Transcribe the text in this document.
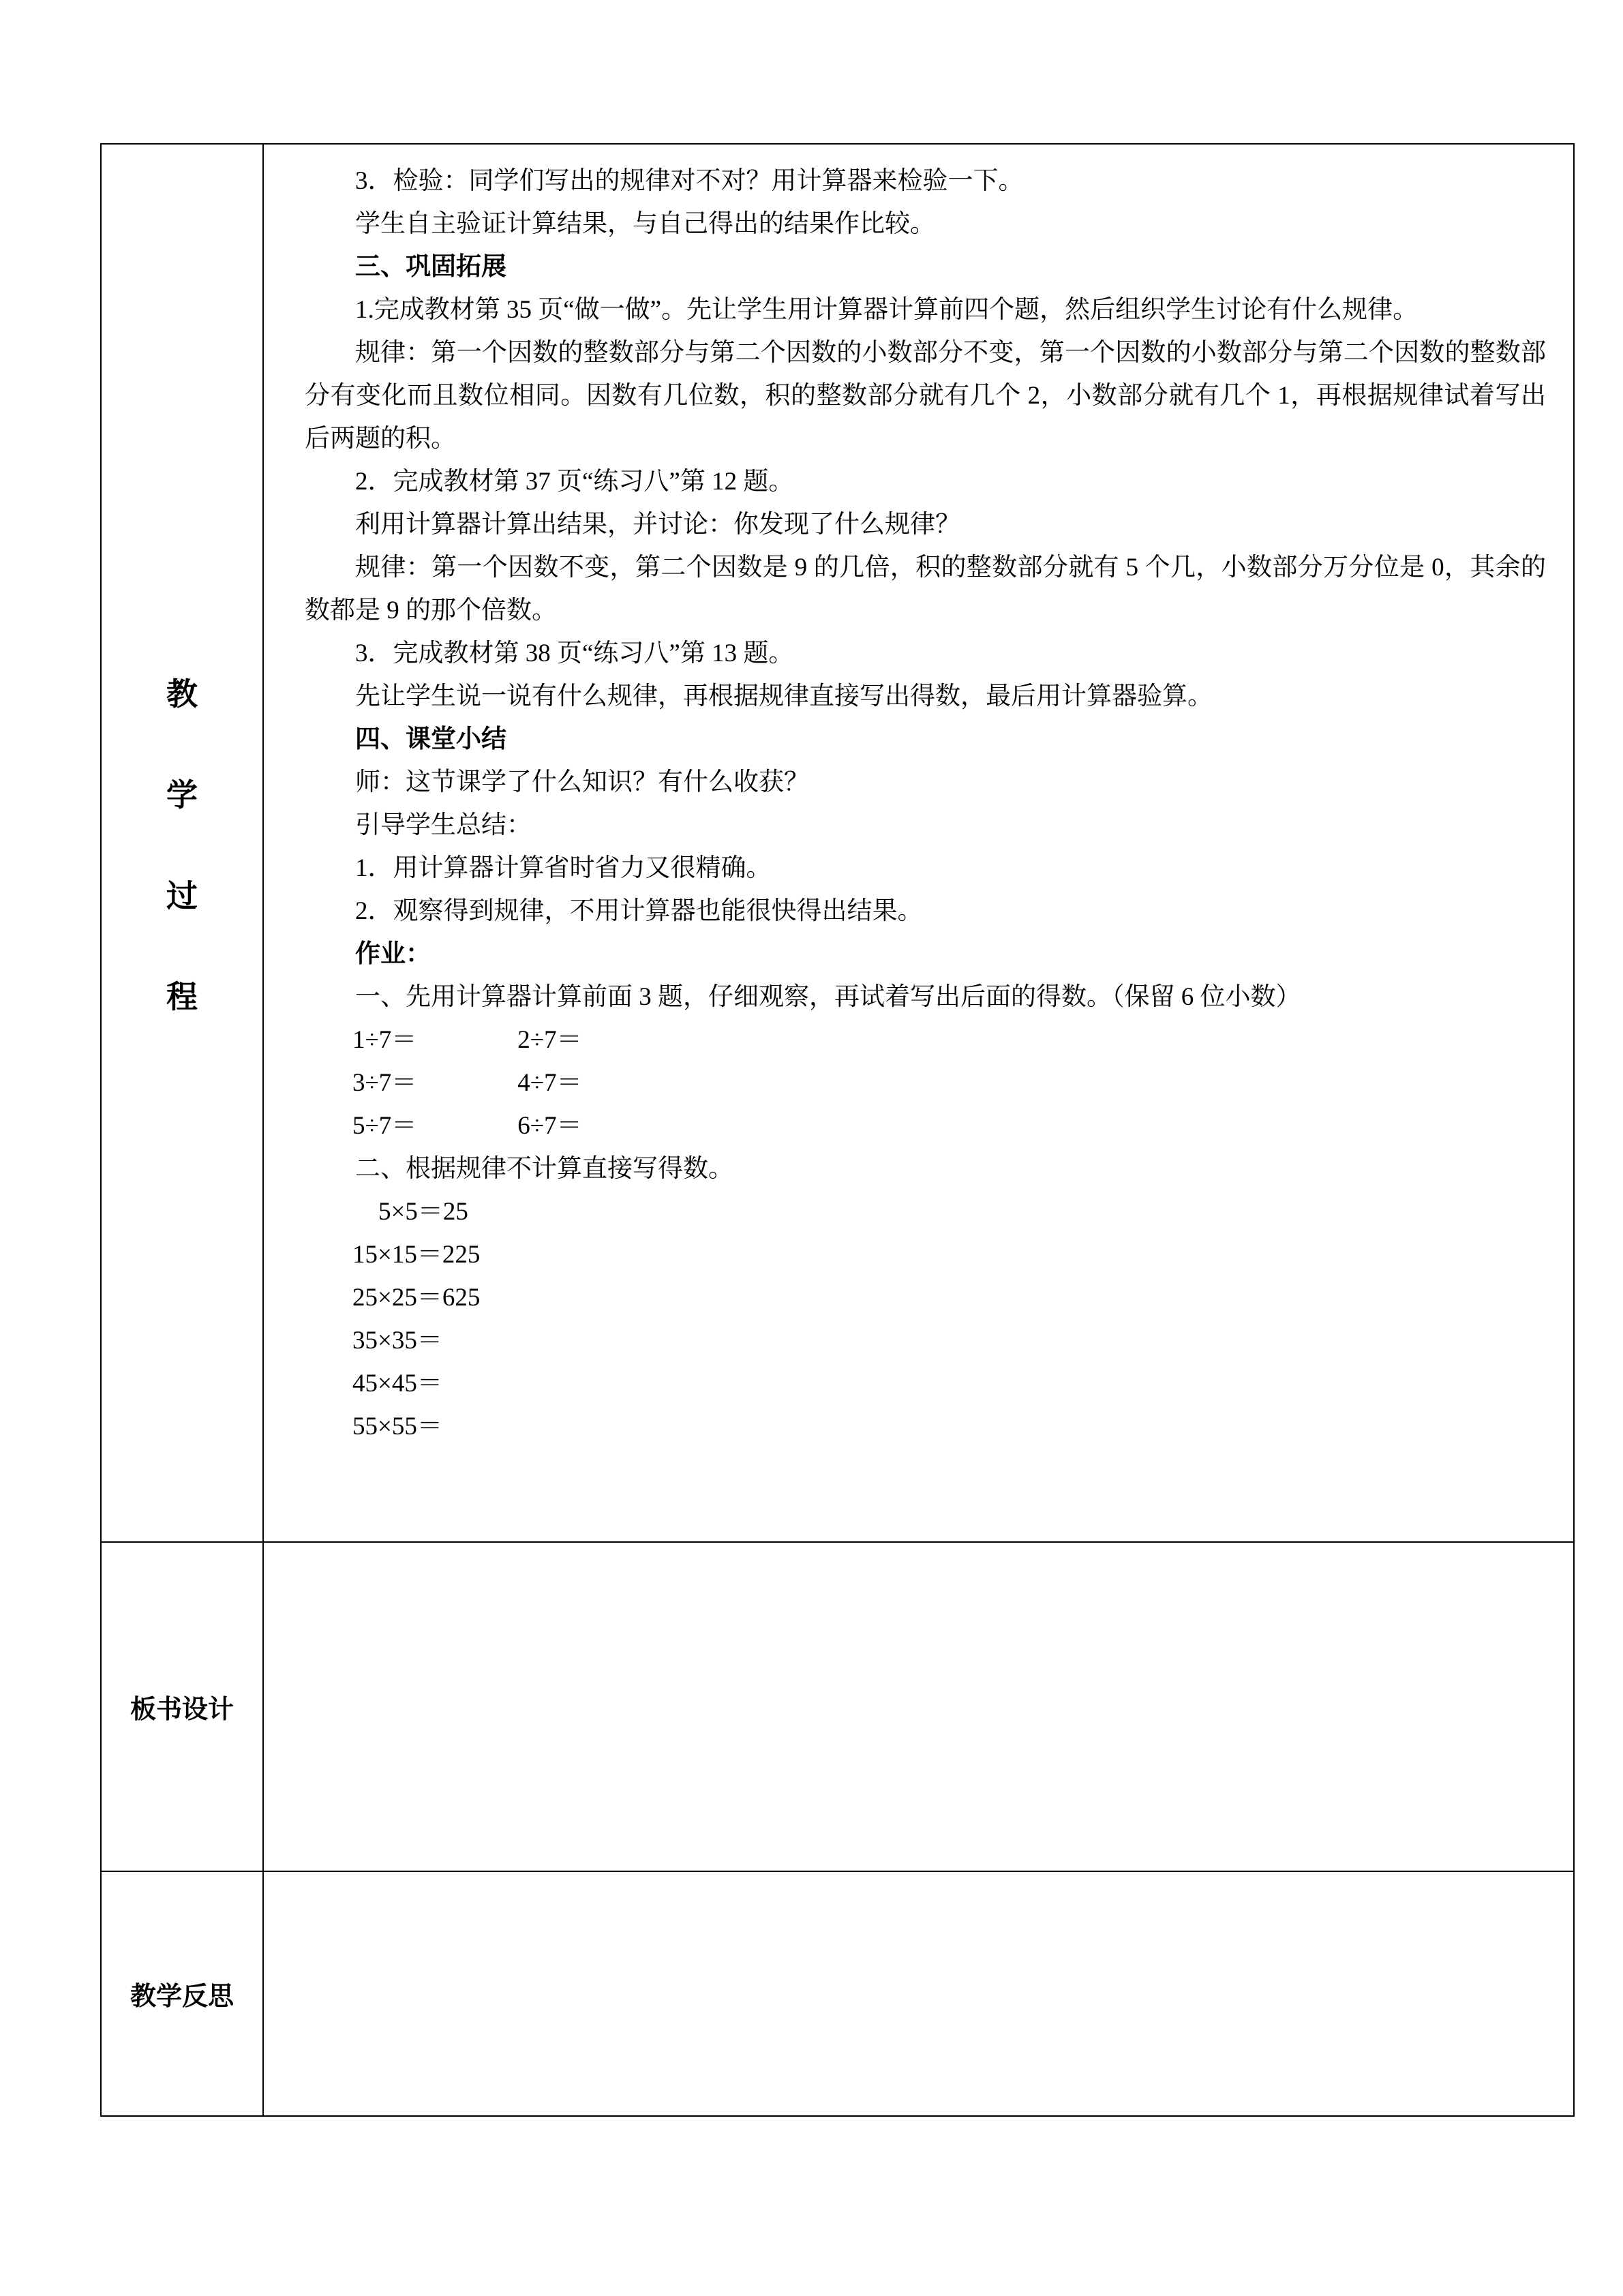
教
学
过
程
3．检验：同学们写出的规律对不对？用计算器来检验一下。
学生自主验证计算结果，与自己得出的结果作比较。
三、巩固拓展
1.完成教材第 35 页“做一做”。先让学生用计算器计算前四个题，然后组织学生讨论有什么规律。
规律：第一个因数的整数部分与第二个因数的小数部分不变，第一个因数的小数部分与第二个因数的整数部分有变化而且数位相同。因数有几位数，积的整数部分就有几个 2，小数部分就有几个 1，再根据规律试着写出后两题的积。
2．完成教材第 37 页“练习八”第 12 题。
利用计算器计算出结果，并讨论：你发现了什么规律？
规律：第一个因数不变，第二个因数是 9 的几倍，积的整数部分就有 5 个几，小数部分万分位是 0，其余的数都是 9 的那个倍数。
3．完成教材第 38 页“练习八”第 13 题。
先让学生说一说有什么规律，再根据规律直接写出得数，最后用计算器验算。
四、课堂小结
师：这节课学了什么知识？有什么收获？
引导学生总结：
1．用计算器计算省时省力又很精确。
2．观察得到规律，不用计算器也能很快得出结果。
作业：
一、先用计算器计算前面 3 题，仔细观察，再试着写出后面的得数。（保留 6 位小数）
1÷7＝　　　　2÷7＝
3÷7＝　　　　4÷7＝
5÷7＝　　　　6÷7＝
二、根据规律不计算直接写得数。
5×5＝25
15×15＝225
25×25＝625
35×35＝
45×45＝
55×55＝
板书设计
教学反思
